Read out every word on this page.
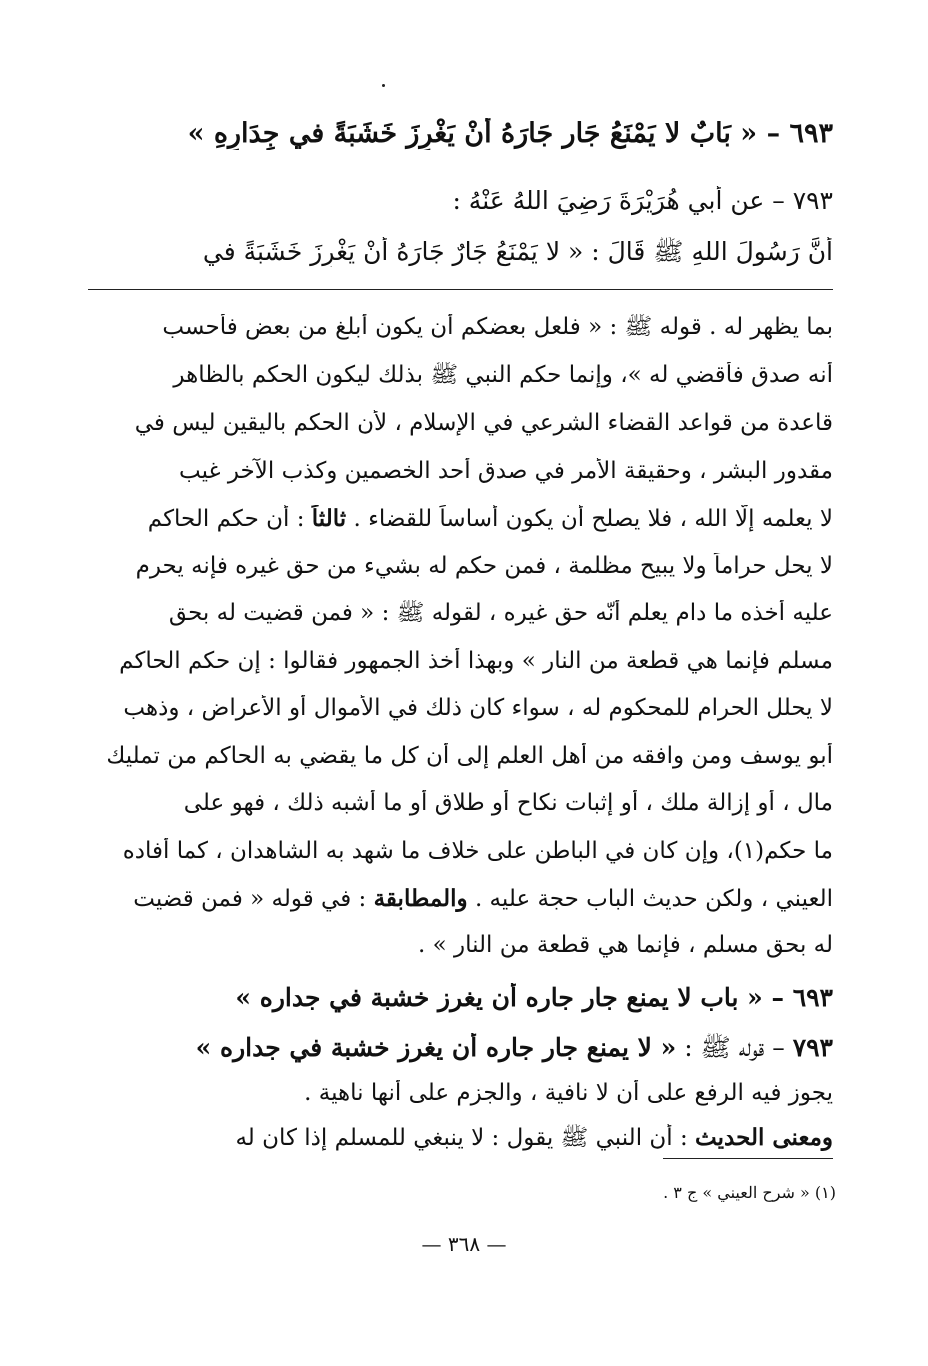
٦٩٣ – « بَابٌ لا يَمْنَعُ جَار جَارَهُ أَنْ يَغْرِزَ خَشَبَةً في جِدَارِهِ »
٧٩٣ – عن أبي هُرَيْرَةَ رَضِيَ اللهُ عَنْهُ :
أَنَّ رَسُولَ اللهِ ﷺ قَالَ : « لا يَمْنَعُ جَارٌ جَارَهُ أَنْ يَغْرِزَ خَشَبَةً في
بما يظهر له . قوله ﷺ : « فلعل بعضكم أن يكون أبلغ من بعض فأحسب
أنه صدق فأقضي له »، وإنما حكم النبي ﷺ بذلك ليكون الحكم بالظاهر
قاعدة من قواعد القضاء الشرعي في الإسلام ، لأن الحكم باليقين ليس في
مقدور البشر ، وحقيقة الأمر في صدق أحد الخصمين وكذب الآخر غيب
لا يعلمه إلّا الله ، فلا يصلح أن يكون أساساً للقضاء . ثالثاً : أن حكم الحاكم
لا يحل حراماً ولا يبيح مظلمة ، فمن حكم له بشيء من حق غيره فإنه يحرم
عليه أخذه ما دام يعلم أنّه حق غيره ، لقوله ﷺ : « فمن قضيت له بحق
مسلم فإنما هي قطعة من النار » وبهذا أخذ الجمهور فقالوا : إن حكم الحاكم
لا يحلل الحرام للمحكوم له ، سواء كان ذلك في الأموال أو الأعراض ، وذهب
أبو يوسف ومن وافقه من أهل العلم إلى أن كل ما يقضي به الحاكم من تمليك
مال ، أو إزالة ملك ، أو إثبات نكاح أو طلاق أو ما أشبه ذلك ، فهو على
ما حكم(١)، وإن كان في الباطن على خلاف ما شهد به الشاهدان ، كما أفاده
العيني ، ولكن حديث الباب حجة عليه . والمطابقة : في قوله « فمن قضيت
له بحق مسلم ، فإنما هي قطعة من النار » .
٦٩٣ – « باب لا يمنع جار جاره أن يغرز خشبة في جداره »
٧٩٣ – قوله ﷺ : « لا يمنع جار جاره أن يغرز خشبة في جداره »
يجوز فيه الرفع على أن لا نافية ، والجزم على أنها ناهية .
ومعنى الحديث : أن النبي ﷺ يقول : لا ينبغي للمسلم إذا كان له
(١) « شرح العيني » ج ٣ .
— ٣٦٨ —
